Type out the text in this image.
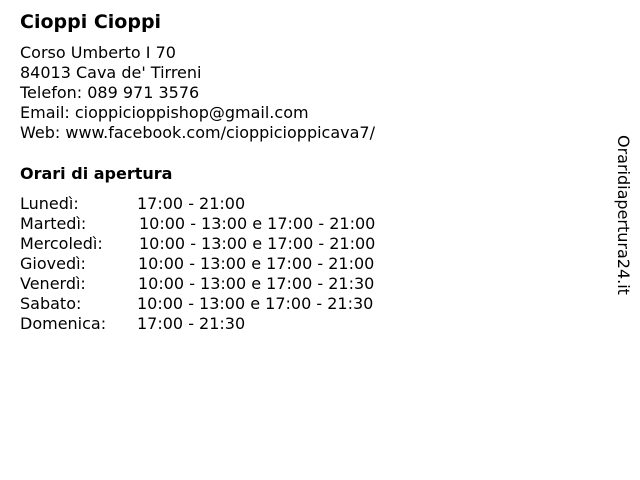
Cioppi Cioppi
Corso Umberto I 70
84013 Cava de' Tirreni
Telefon: 089 971 3576
Email: cioppicioppishop@gmail.com
Web: www.facebook.com/cioppicioppicava7/
Orari di apertura
Lunedì:	17:00 - 21:00
Martedì:	10:00 - 13:00 e 17:00 - 21:00
Mercoledì: 10:00 - 13:00 e 17:00 - 21:00
Giovedì:	10:00 - 13:00 e 17:00 - 21:00
Venerdì:	10:00 - 13:00 e 17:00 - 21:30
Sabato:	10:00 - 13:00 e 17:00 - 21:30
Domenica: 17:00 - 21:30
Oraridiapertura24.it
